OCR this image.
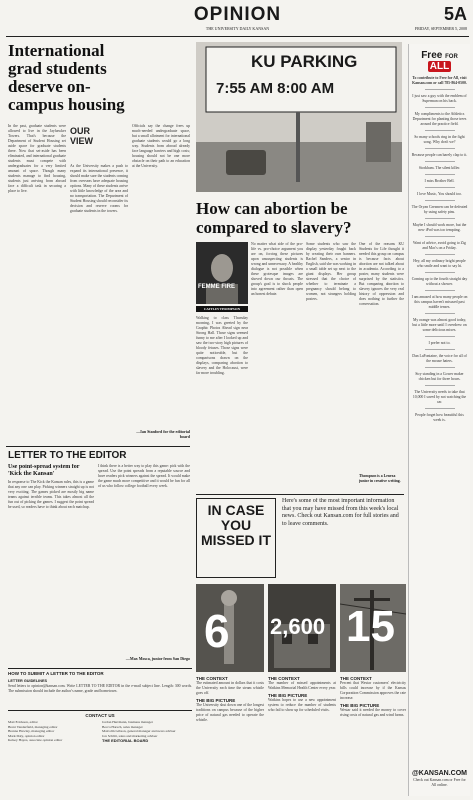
OPINION
THE UNIVERSITY DAILY KANSAN
5A
FRIDAY, SEPTEMBER 5, 2008
International grad students deserve on-campus housing
In the past, graduate students were allowed to live in the Jayhawker Towers. That's because the Department of Student Housing set aside space for graduate students there. Now that set-aside has been eliminated, and international graduate students must compete with undergraduates for a very limited amount of space. Though many students manage to find housing, students just arriving from abroad face a difficult task in securing a place to live.
OUR VIEW
As the University makes a push to expand its international presence, it should make sure the students coming from overseas have adequate housing options. Many of these students arrive with little knowledge of the area and no transportation. The Department of Student Housing should reconsider its decision and reserve rooms for graduate students in the towers.
Officials say the change frees up much-needed undergraduate space, but a small allotment for international graduate students would go a long way. Students from abroad already face language barriers and high costs; housing should not be one more obstacle on their path to an education at the University.
—Ian Stanford for the editorial board
KU PARKING
7:55 AM 8:00 AM
How can abortion be compared to slavery?
FEMME FIRE
CAITLIN THOMPSON
Walking to class Thursday morning, I was greeted by the Graphic Photos Ahead sign near Strong Hall. Those signs seemed funny to me after I looked up and saw the two-story high pictures of bloody fetuses. Those signs were quite noticeable, but the comparisons drawn on the displays, comparing abortion to slavery and the Holocaust, were far more troubling.
No matter what side of the pro-life vs. pro-choice argument you are on, forcing these pictures upon unsuspecting students is wrong and unnecessary. A healthy dialogue is not possible when these grotesque images are shoved down our throats. The group's goal is to shock people into agreement rather than open an honest debate.
Some students who saw the display yesterday fought back by creating their own banners. Rachel Sanders, a senior in English, said she was working in a small table set up next to the giant displays. Her group stressed that the choice of whether to terminate a pregnancy should belong to women, not strangers holding posters.
One of the reasons KU Students for Life thought it needed this group on campus is because facts about abortion are not talked about in academia. According to a poster, many students were surprised by the statistics. But comparing abortion to slavery ignores the very real history of oppression and does nothing to further the conversation.
Thompson is a Lenexa junior in creative writing.
LETTER TO THE EDITOR
Use point-spread system for 'Kick the Kansan'
In response to The Kick the Kansan rules, this is a game that any one can play. Picking winners straight up is not very exciting. The games picked are mostly big name teams against terrible teams. This takes almost all the fun out of picking the games. I suggest the point spread be used, so readers have to think about each matchup.
I think there is a better way to play this game: pick with the spread. Use the point spreads from a reputable source and have readers pick winners against the spread. It would make the game much more competitive and it would be fun for all of us who follow college football every week.
—Max Mosca, junior from San Diego
HOW TO SUBMIT A LETTER TO THE EDITOR
LETTER GUIDELINES
Send letters to opinion@kansan.com. Write LETTER TO THE EDITOR in the e-mail subject line. Length: 300 words. The submission should include the author's name, grade and hometown.
CONTACT US
Matt Erickson, editor	Jordan Herrmann, business manager
Brent Vanderfield, managing editor	Becca Harsch, sales manager
Brenna Hawley, managing editor	Malcolm Gibson, general manager and news adviser
Mark Daly, opinion editor	Jon Schlitt, sales and marketing adviser
Kelsey Hayes, associate opinion editor	THE EDITORIAL BOARD
IN CASE YOU MISSED IT
Here's some of the most important information that you may have missed from this week's local news. Check out Kansan.com for full stories and to leave comments.
6 2,600 15
THE CONTEXT
The estimated amount in dollars that it costs the University each time the steam whistle goes off.
THE BIG PICTURE
The University shut down one of the longest traditions on campus because of the higher price of natural gas needed to operate the whistle.
THE CONTEXT
The number of missed appointments at Watkins Memorial Health Center every year.
THE BIG PICTURE
Watkins hopes to use a new appointment system to reduce the number of students who fail to show up for scheduled visits.
THE CONTEXT
Percent that Westar customers' electricity bills could increase by if the Kansas Corporation Commission approves the rate increase.
THE BIG PICTURE
Westar said it needed the money to cover rising costs of natural gas and wind farms.
Free FOR ALL
To contribute to Free for All, visit Kansan.com or call 785-864-0500.
I just saw a guy with the emblem of Superman on his back.
My compliments to the Athletics Department for planting those trees around the practice field.
So many schools ring in the fight song. Why don't we?
Because people can barely clap to it.
Storkham. The silent killer.
I miss Brother Bell.
I love Music, You should too.
The Oryan Gresmen can be defeated by using safety pins.
Maybe I should work more, but the new iPod was too tempting.
Want of advice, avoid going to Zig and Mac's on a Friday.
Hey, all my ordinary bright people who smile and want to say hi.
Coming up to the fourth straight day without a shower.
I am amazed at how many people on this campus haven't misused past middle tenses.
My orange was almost good today, but a little more until I overdrew on some delicious mixes.
I prefer not to.
Dan LaFontaine, the voice for all of the mouse haters.
Stry standing in a Gower maker chicken but for three hours.
The University needs to take that 10,000 I saved by not watching the car.
People forget how beautiful this week is.
@KANSAN.COM
Check out Kansan.com or Free for All online.
